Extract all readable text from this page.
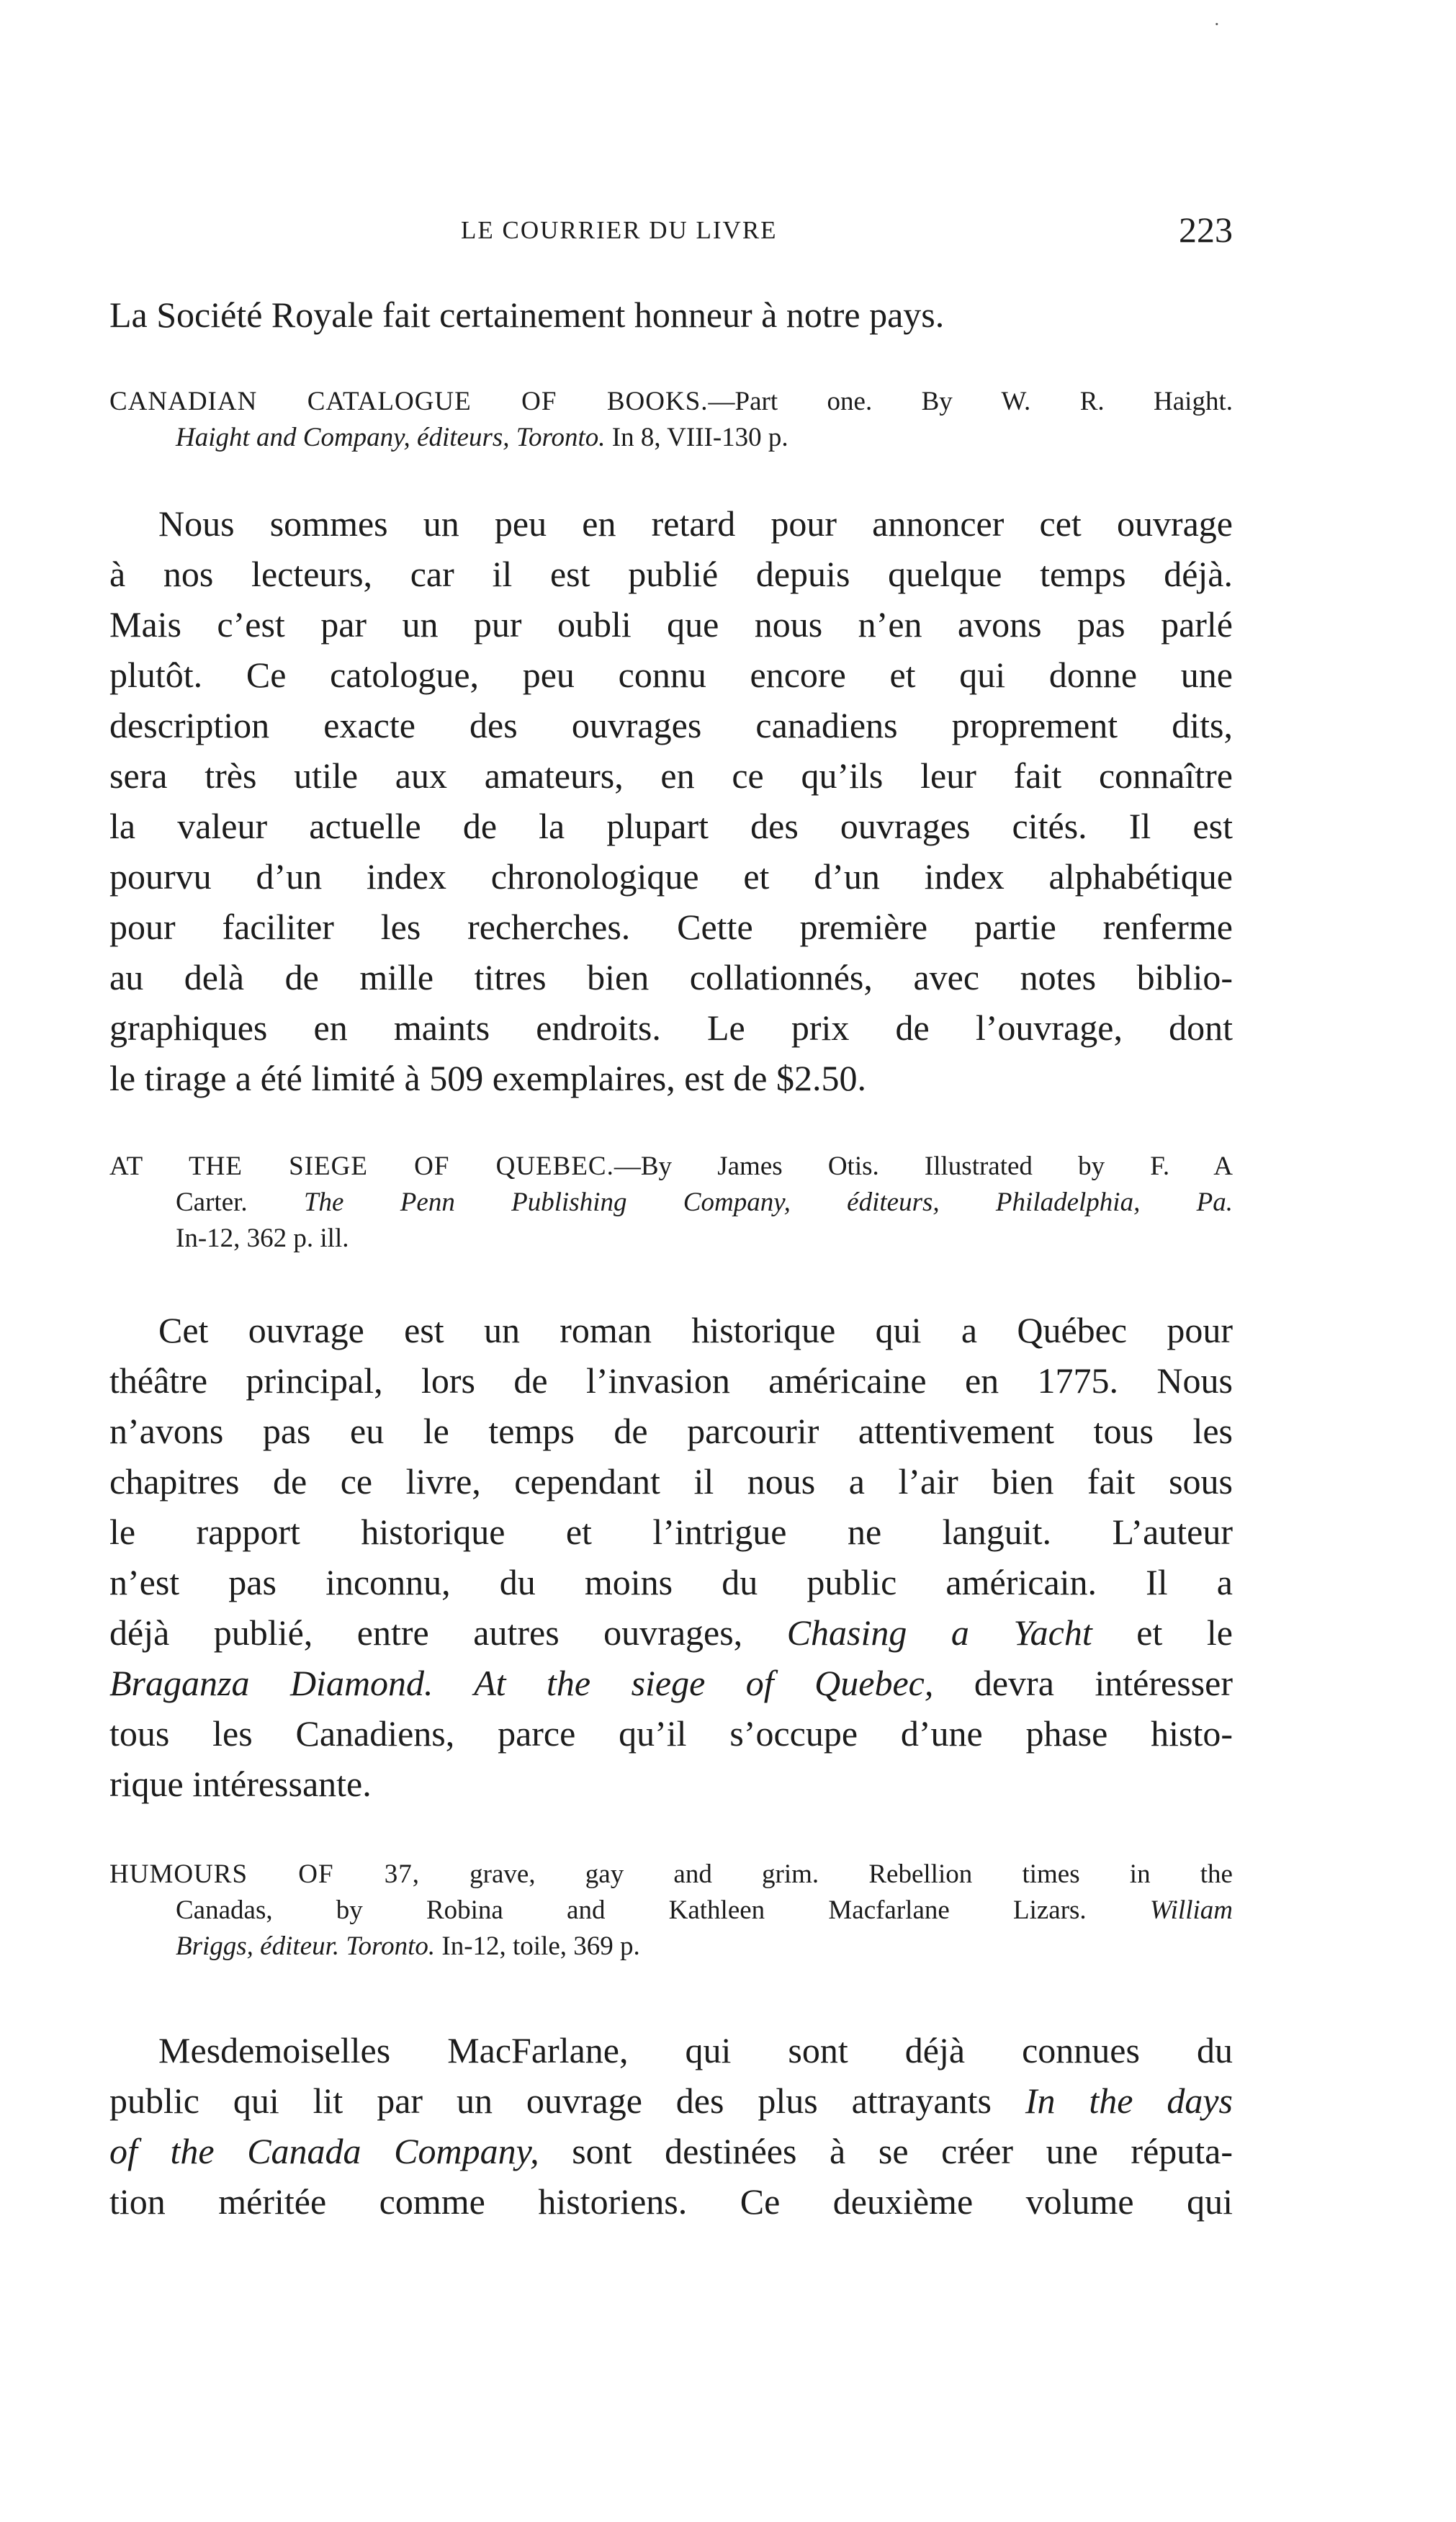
·
LE COURRIER DU LIVRE	223

La Société Royale fait certainement honneur à notre pays.

CANADIAN CATALOGUE OF BOOKS.—Part one. By W. R. Haight.
Haight and Company, éditeurs, Toronto. In 8, VIII-130 p.

Nous sommes un peu en retard pour annoncer cet ouvrage
à nos lecteurs, car il est publié depuis quelque temps déjà.
Mais c’est par un pur oubli que nous n’en avons pas parlé
plutôt. Ce catologue, peu connu encore et qui donne une
description exacte des ouvrages canadiens proprement dits,
sera très utile aux amateurs, en ce qu’ils leur fait connaître
la valeur actuelle de la plupart des ouvrages cités. Il est
pourvu d’un index chronologique et d’un index alphabétique
pour faciliter les recherches. Cette première partie renferme
au delà de mille titres bien collationnés, avec notes biblio-
graphiques en maints endroits. Le prix de l’ouvrage, dont
le tirage a été limité à 509 exemplaires, est de $2.50.

AT THE SIEGE OF QUEBEC.—By James Otis. Illustrated by F. A
Carter. The Penn Publishing Company, éditeurs, Philadelphia, Pa.
In-12, 362 p. ill.

Cet ouvrage est un roman historique qui a Québec pour
théâtre principal, lors de l’invasion américaine en 1775. Nous
n’avons pas eu le temps de parcourir attentivement tous les
chapitres de ce livre, cependant il nous a l’air bien fait sous
le rapport historique et l’intrigue ne languit. L’auteur
n’est pas inconnu, du moins du public américain. Il a
déjà publié, entre autres ouvrages, Chasing a Yacht et le
Braganza Diamond. At the siege of Quebec, devra intéresser
tous les Canadiens, parce qu’il s’occupe d’une phase histo-
rique intéressante.

HUMOURS OF 37, grave, gay and grim. Rebellion times in the
Canadas, by Robina and Kathleen Macfarlane Lizars. William
Briggs, éditeur. Toronto. In-12, toile, 369 p.

Mesdemoiselles MacFarlane, qui sont déjà connues du
public qui lit par un ouvrage des plus attrayants In the days
of the Canada Company, sont destinées à se créer une réputa-
tion méritée comme historiens. Ce deuxième volume qui
